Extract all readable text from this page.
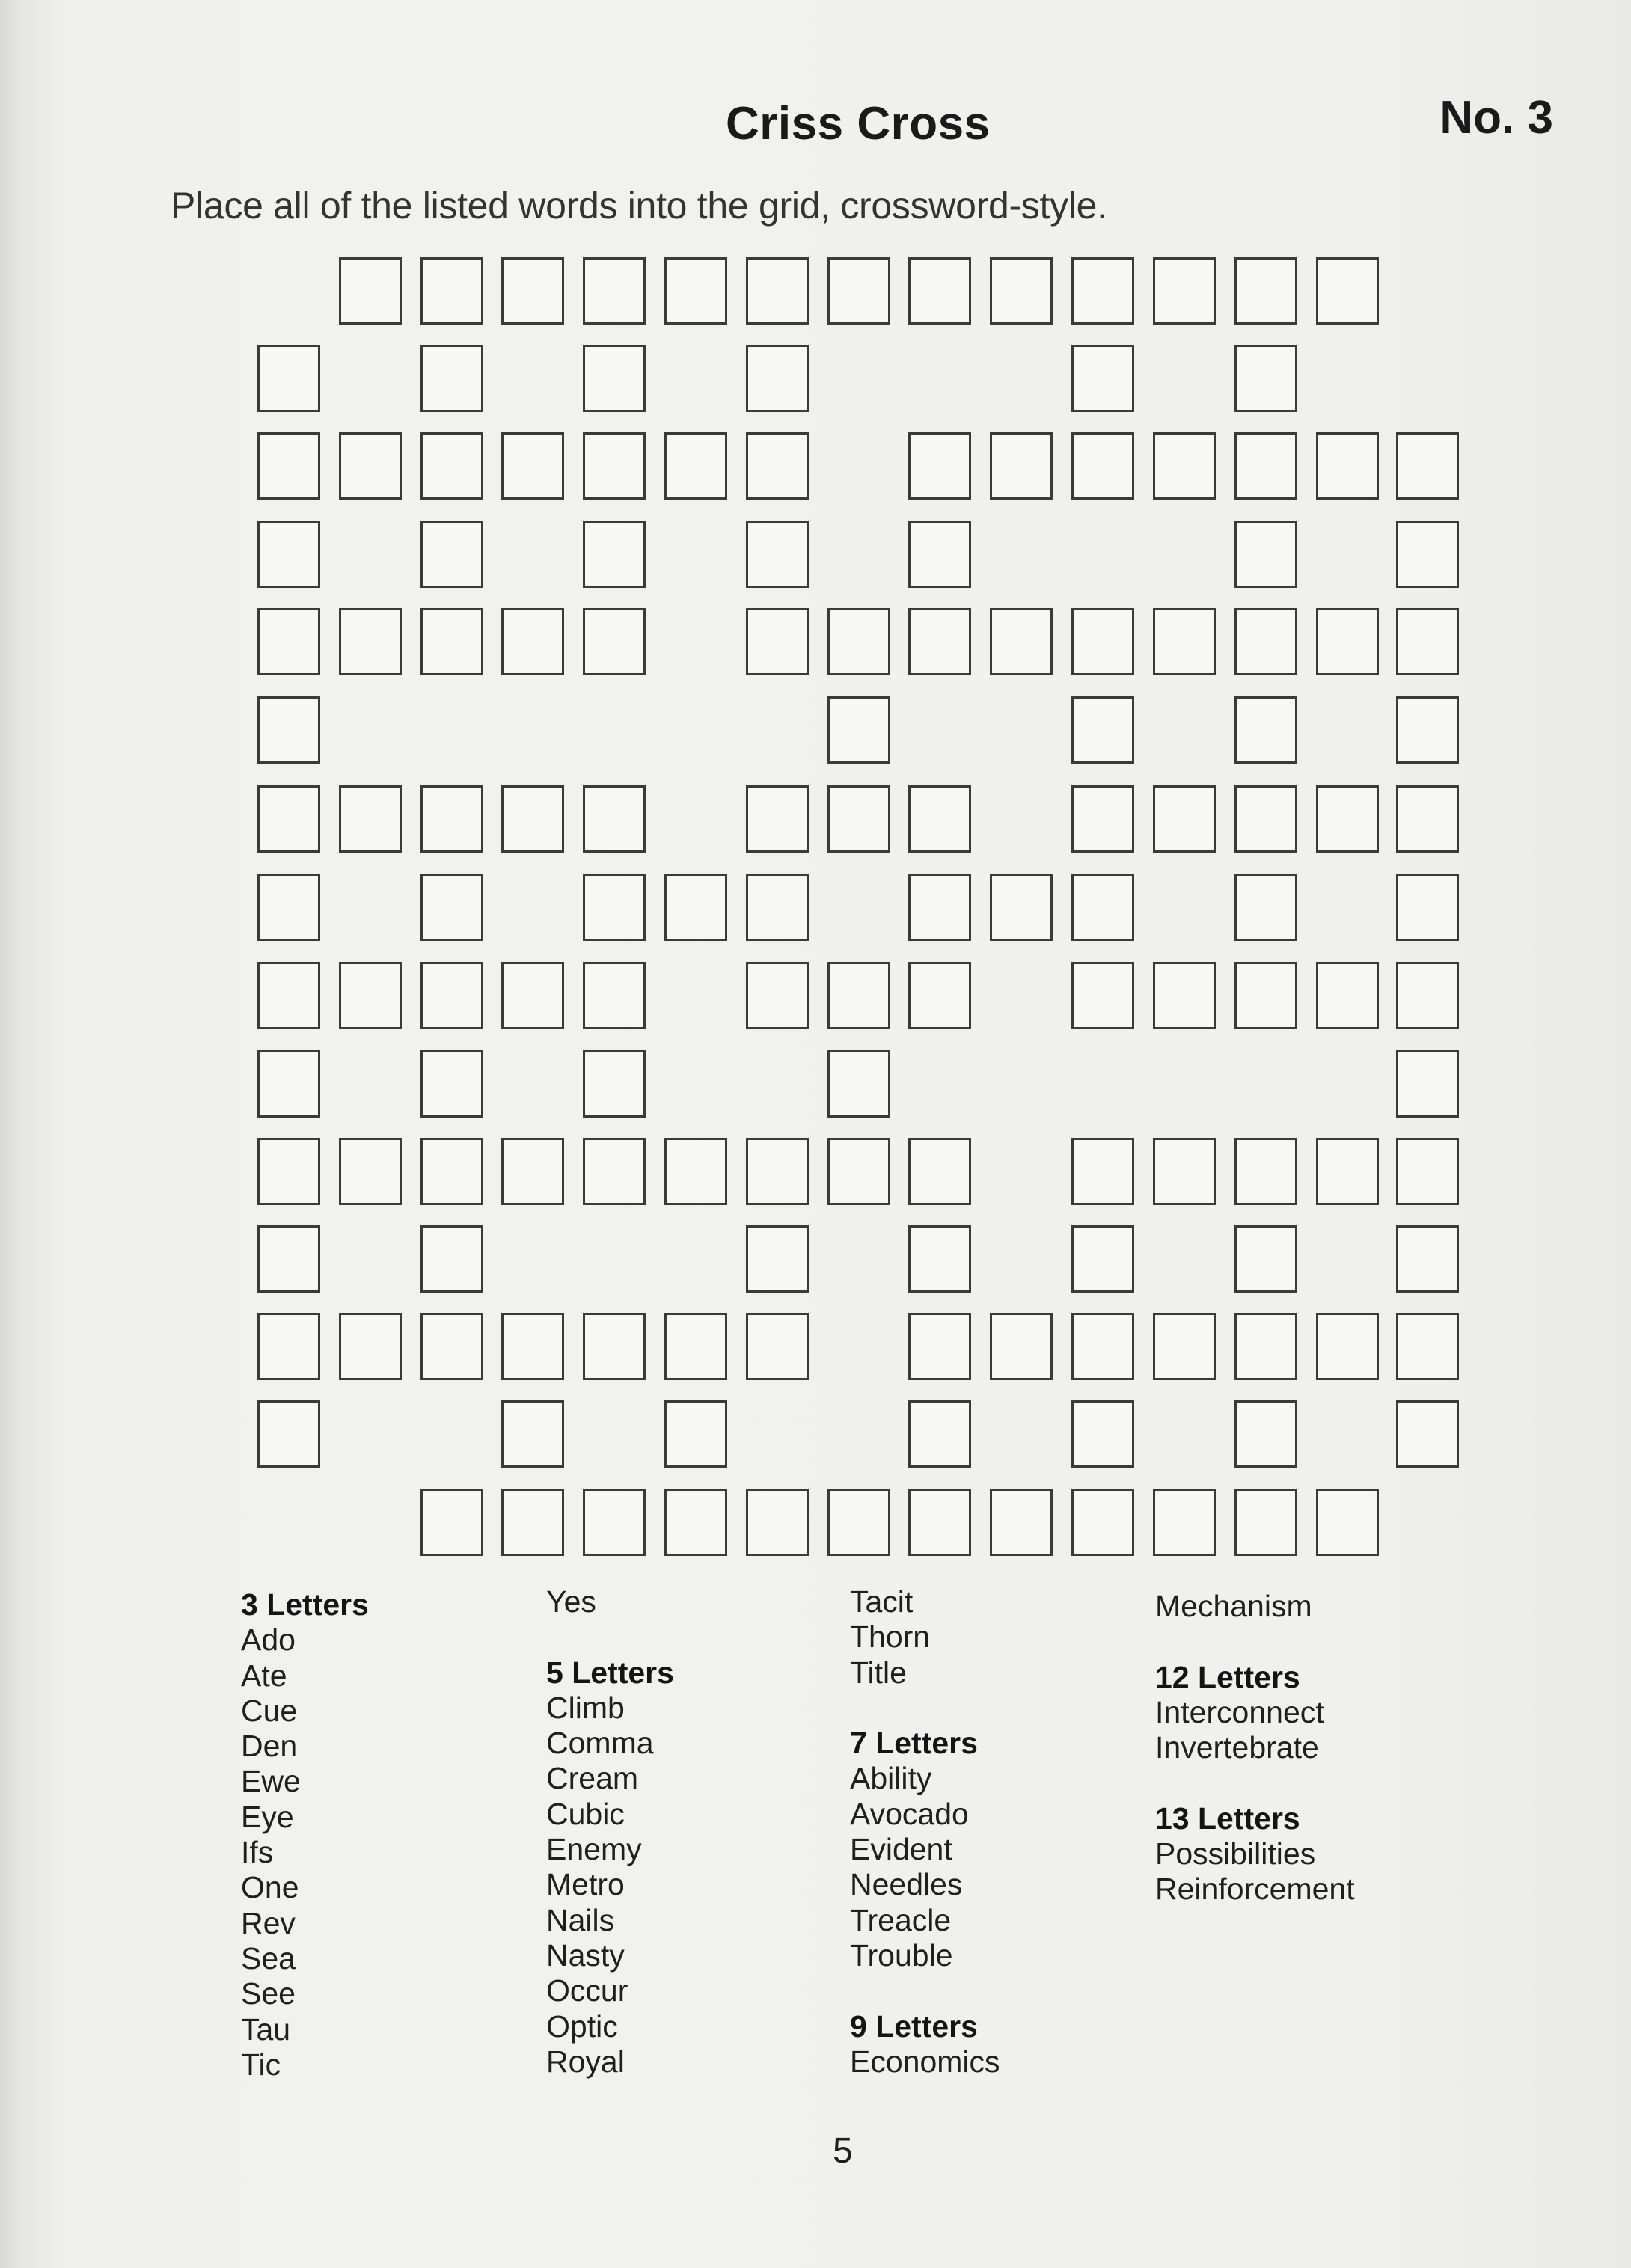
Criss Cross	No. 3
Place all of the listed words into the grid, crossword-style.
3 Letters
Ado
Ate
Cue
Den
Ewe
Eye
Ifs
One
Rev
Sea
See
Tau
Tic
Yes
5 Letters
Climb
Comma
Cream
Cubic
Enemy
Metro
Nails
Nasty
Occur
Optic
Royal
Tacit
Thorn
Title
7 Letters
Ability
Avocado
Evident
Needles
Treacle
Trouble
9 Letters
Economics
Mechanism
12 Letters
Interconnect
Invertebrate
13 Letters
Possibilities
Reinforcement
5
